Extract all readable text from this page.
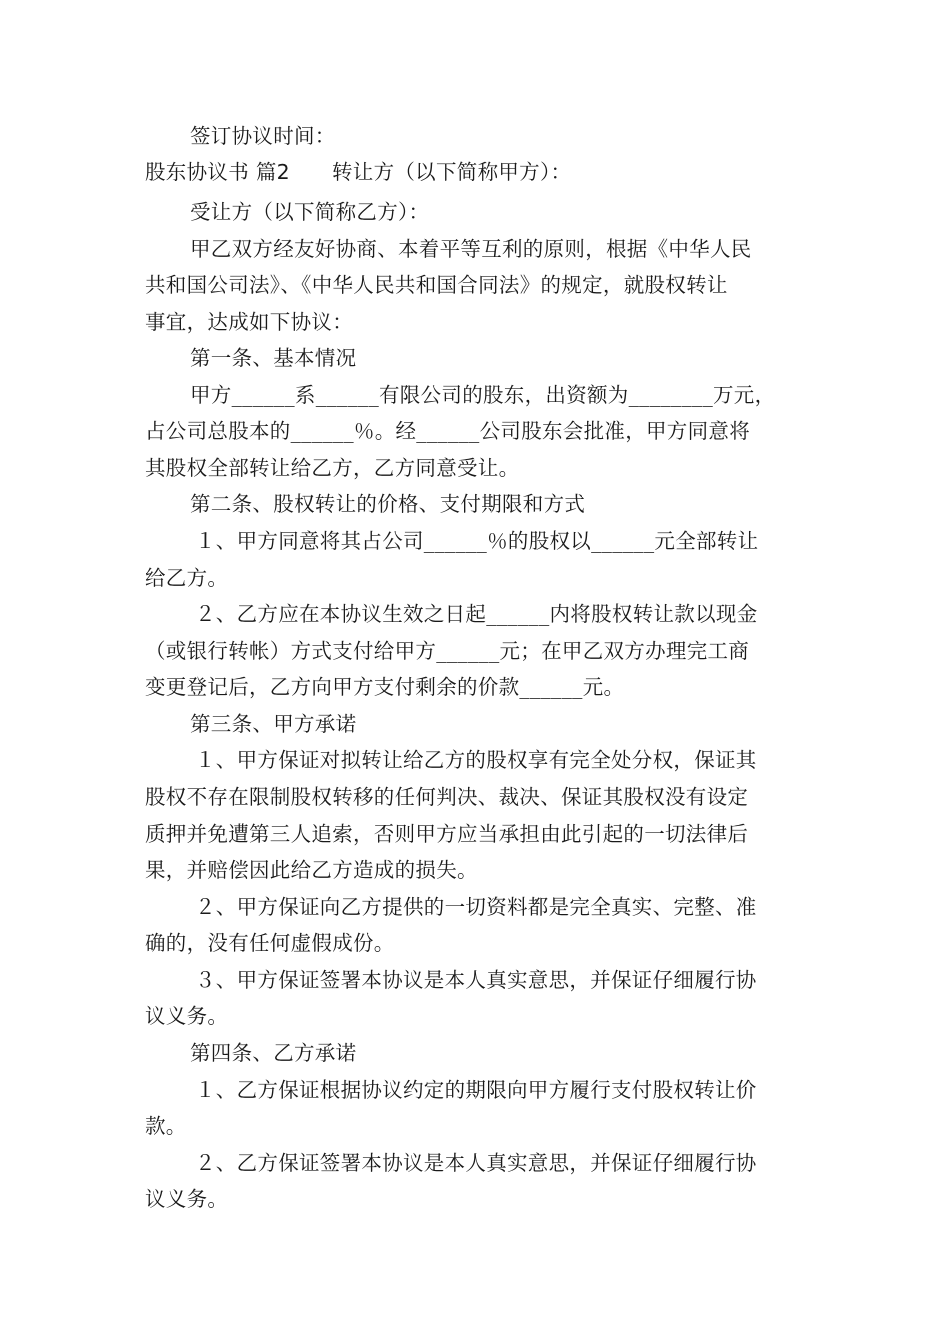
签订协议时间：
股东协议书 篇2 转让方（以下简称甲方）：
受让方（以下简称乙方）：
甲乙双方经友好协商、本着平等互利的原则，根据《中华人民
共和国公司法》、《中华人民共和国合同法》的规定，就股权转让
事宜，达成如下协议：
第一条、基本情况
甲方______系______有限公司的股东，出资额为________万元，
占公司总股本的______％。经______公司股东会批准，甲方同意将
其股权全部转让给乙方，乙方同意受让。
第二条、股权转让的价格、支付期限和方式
１、甲方同意将其占公司______％的股权以______元全部转让
给乙方。
２、乙方应在本协议生效之日起______内将股权转让款以现金
（或银行转帐）方式支付给甲方______元；在甲乙双方办理完工商
变更登记后，乙方向甲方支付剩余的价款______元。
第三条、甲方承诺
１、甲方保证对拟转让给乙方的股权享有完全处分权，保证其
股权不存在限制股权转移的任何判决、裁决、保证其股权没有设定
质押并免遭第三人追索，否则甲方应当承担由此引起的一切法律后
果，并赔偿因此给乙方造成的损失。
２、甲方保证向乙方提供的一切资料都是完全真实、完整、准
确的，没有任何虚假成份。
３、甲方保证签署本协议是本人真实意思，并保证仔细履行协
议义务。
第四条、乙方承诺
１、乙方保证根据协议约定的期限向甲方履行支付股权转让价
款。
２、乙方保证签署本协议是本人真实意思，并保证仔细履行协
议义务。
